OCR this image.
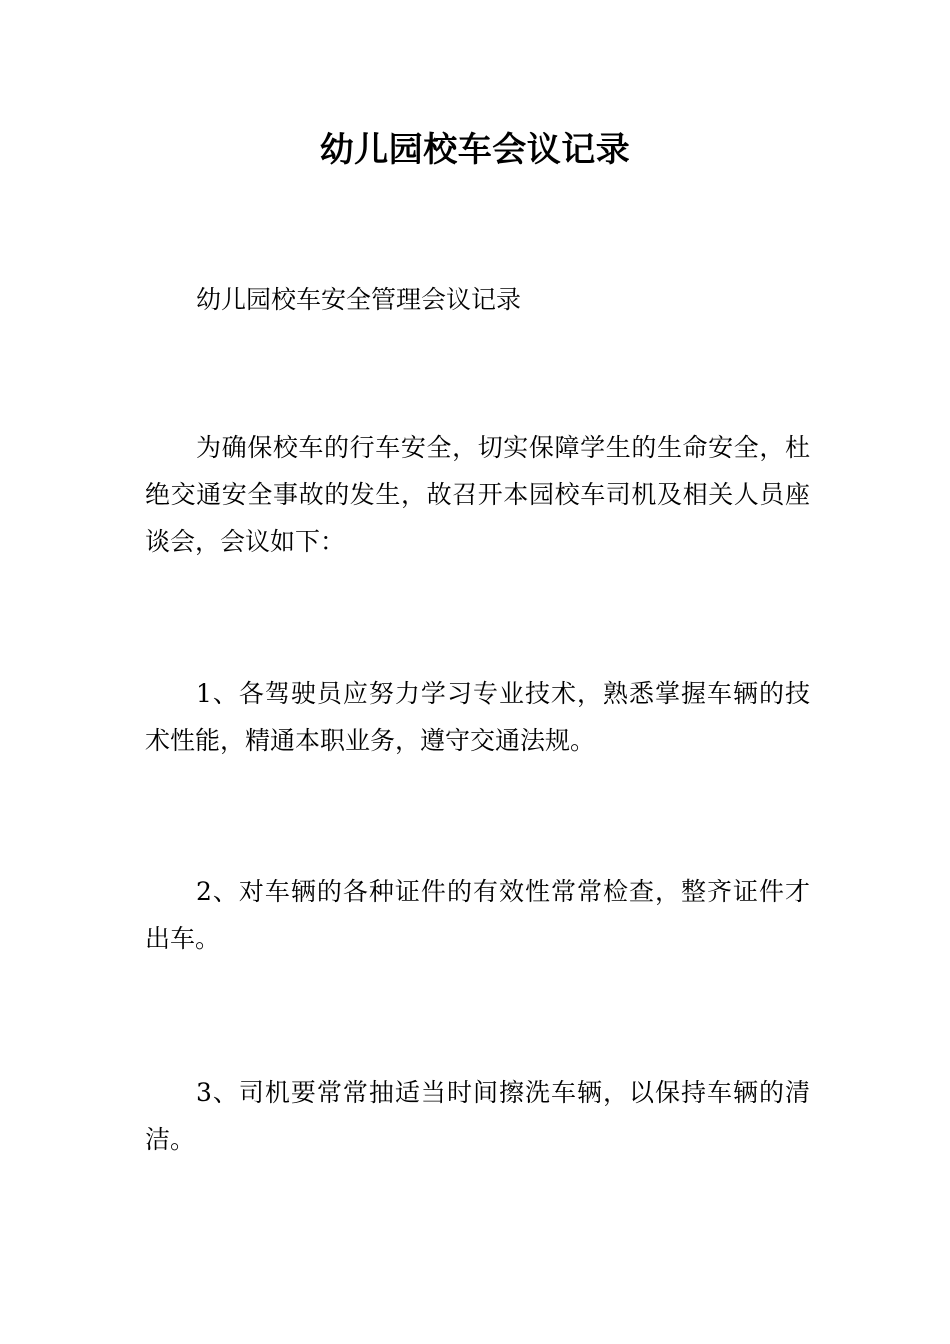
幼儿园校车会议记录

幼儿园校车安全管理会议记录

为确保校车的行车安全，切实保障学生的生命安全，杜绝交通安全事故的发生，故召开本园校车司机及相关人员座谈会，会议如下：

1、各驾驶员应努力学习专业技术，熟悉掌握车辆的技术性能，精通本职业务，遵守交通法规。

2、对车辆的各种证件的有效性常常检查，整齐证件才出车。

3、司机要常常抽适当时间擦洗车辆，以保持车辆的清洁。
